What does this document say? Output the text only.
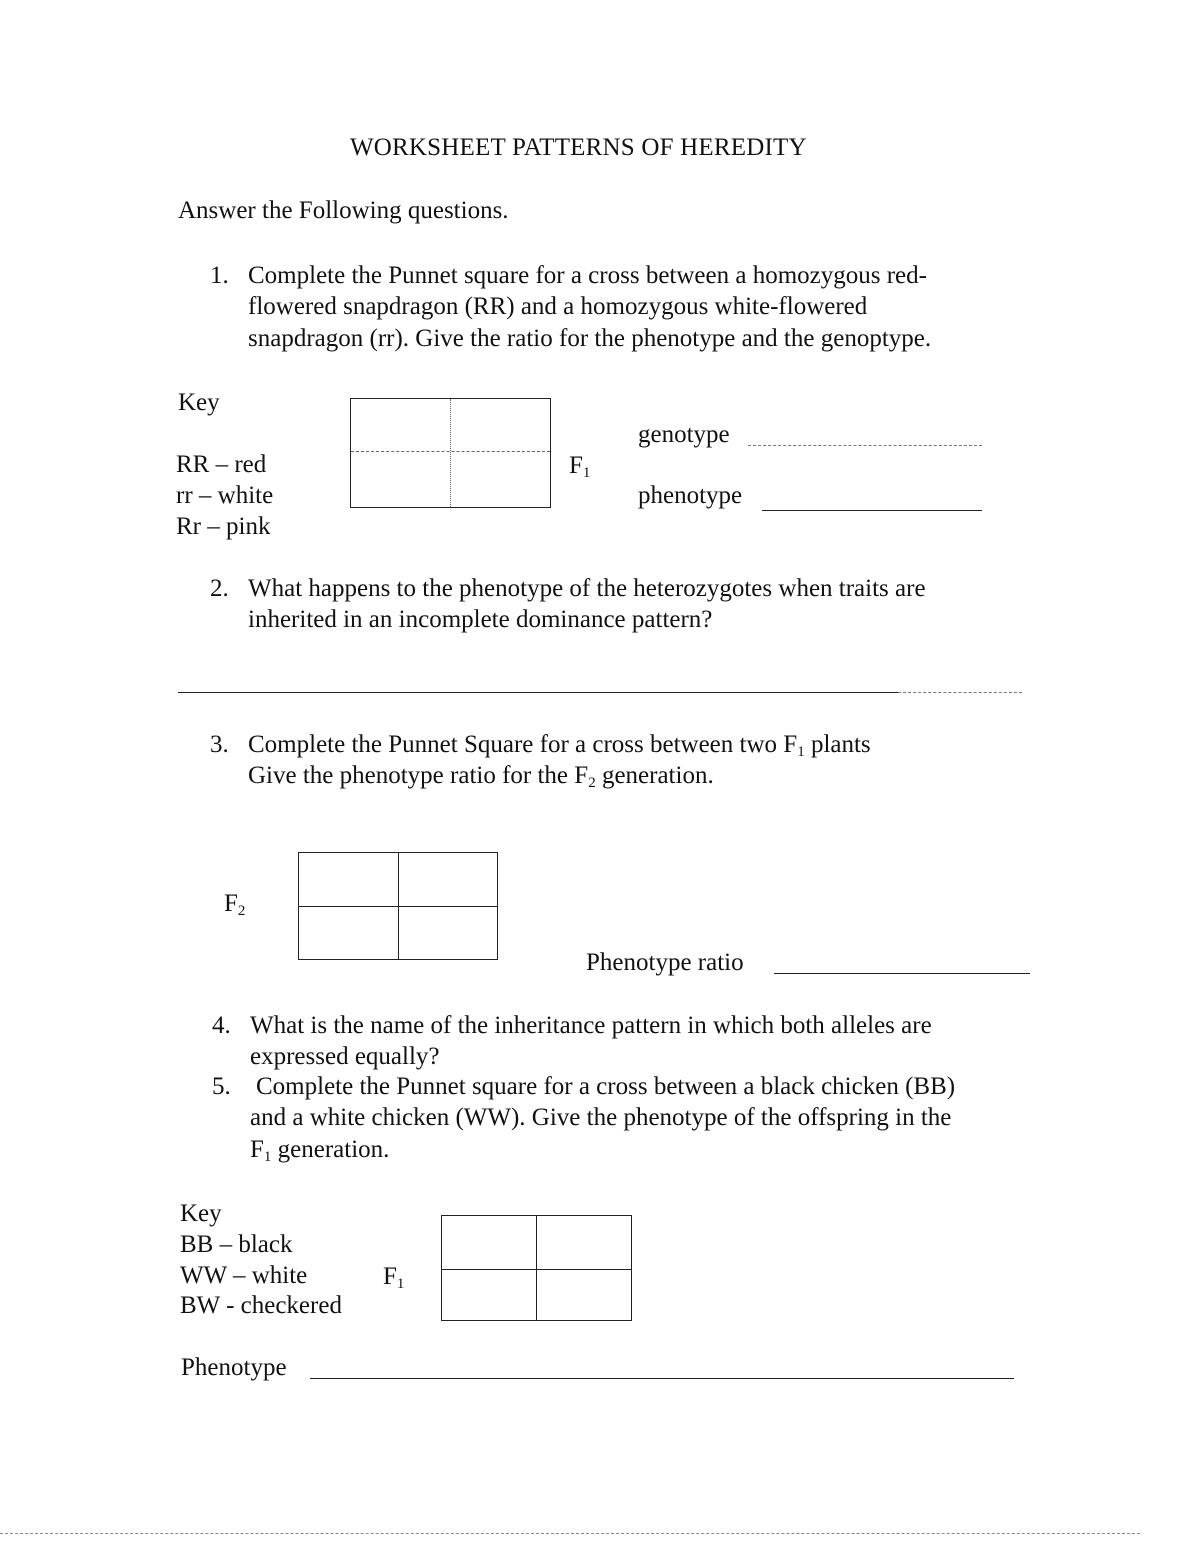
WORKSHEET PATTERNS OF HEREDITY
Answer the Following questions.
1. Complete the Punnet square for a cross between a homozygous red-
flowered snapdragon (RR) and a homozygous white-flowered
snapdragon (rr). Give the ratio for the phenotype and the genoptype.
Key
RR – red
rr – white
Rr – pink
$F_1$
genotype
phenotype
2. What happens to the phenotype of the heterozygotes when traits are
inherited in an incomplete dominance pattern?
3. Complete the Punnet Square for a cross between two $F_1$ plants
Give the phenotype ratio for the $F_2$ generation.
$F_2$
Phenotype ratio
4. What is the name of the inheritance pattern in which both alleles are
expressed equally?
5. Complete the Punnet square for a cross between a black chicken (BB)
and a white chicken (WW). Give the phenotype of the offspring in the
$F_1$ generation.
Key
BB – black
WW – white
BW - checkered
$F_1$
Phenotype
